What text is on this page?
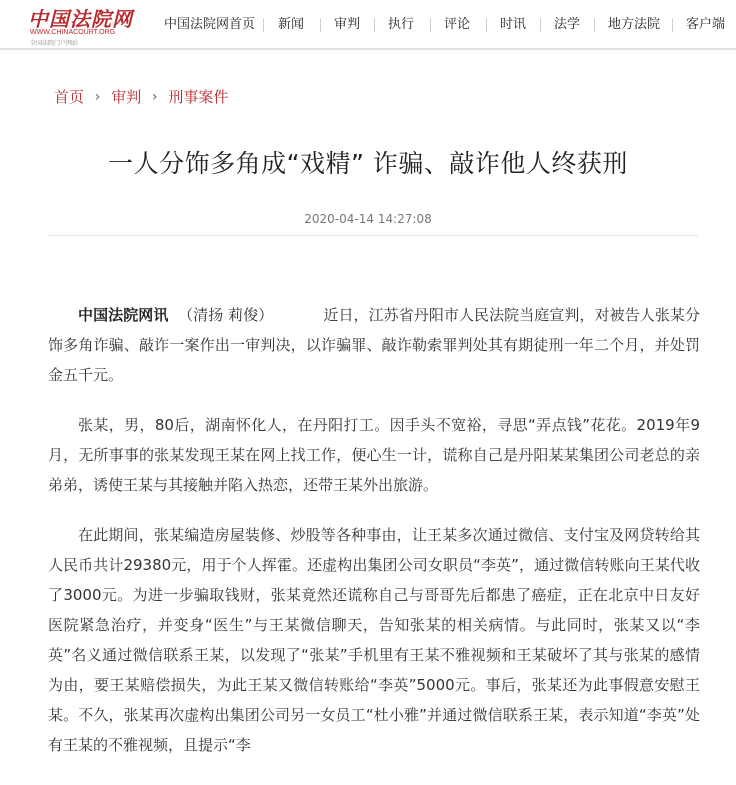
中国法院网
WWW.CHINACOURT.ORG
全国法院门户网站
中国法院网首页 新闻 审判 执行 评论 时讯 法学 地方法院 客户端
首页 › 审判 › 刑事案件
一人分饰多角成“戏精” 诈骗、敲诈他人终获刑
2020-04-14 14:27:08

中国法院网讯 （清扬 莉俊）	近日，江苏省丹阳市人民法院当庭宣判，对被告人张某分饰多角诈骗、敲诈一案作出一审判决，以诈骗罪、敲诈勒索罪判处其有期徒刑一年二个月，并处罚金五千元。

张某，男，80后，湖南怀化人，在丹阳打工。因手头不宽裕，寻思“弄点钱”花花。2019年9月，无所事事的张某发现王某在网上找工作，便心生一计，谎称自己是丹阳某某集团公司老总的亲弟弟，诱使王某与其接触并陷入热恋，还带王某外出旅游。

在此期间，张某编造房屋装修、炒股等各种事由，让王某多次通过微信、支付宝及网贷转给其人民币共计29380元，用于个人挥霍。还虚构出集团公司女职员“李英”，通过微信转账向王某代收了3000元。为进一步骗取钱财，张某竟然还谎称自己与哥哥先后都患了癌症，正在北京中日友好医院紧急治疗，并变身“医生”与王某微信聊天，告知张某的相关病情。与此同时，张某又以“李英”名义通过微信联系王某，以发现了“张某”手机里有王某不雅视频和王某破坏了其与张某的感情为由，要王某赔偿损失，为此王某又微信转账给“李英”5000元。事后，张某还为此事假意安慰王某。不久，张某再次虚构出集团公司另一女员工“杜小雅”并通过微信联系王某，表示知道“李英”处有王某的不雅视频，且提示“李
